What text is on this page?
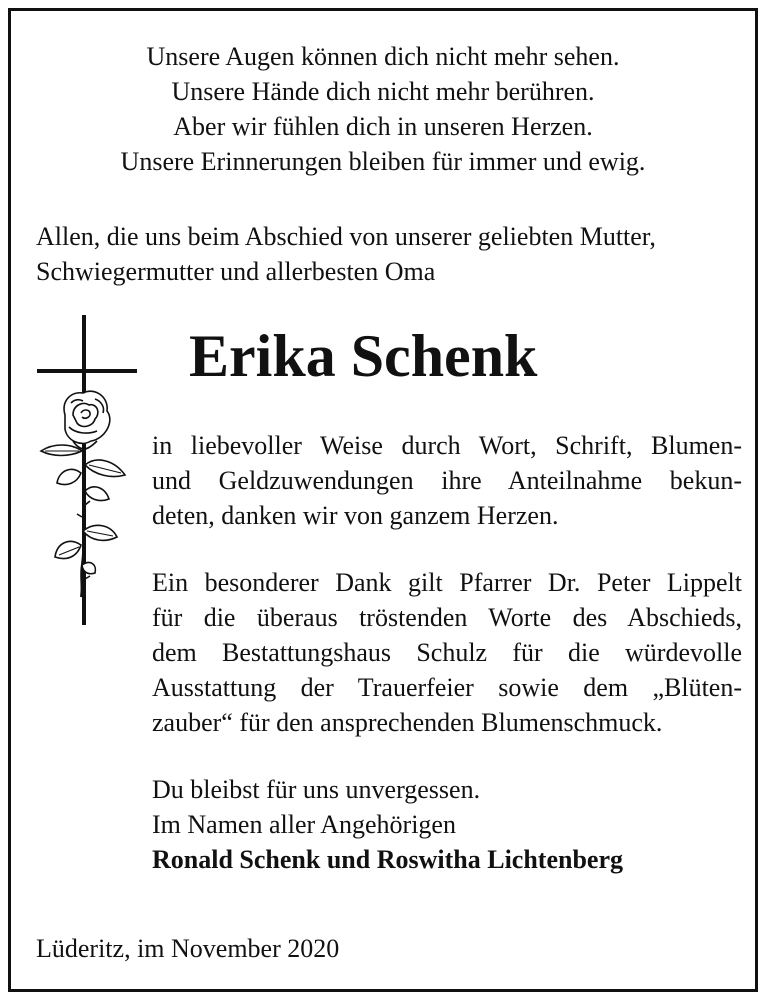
Unsere Augen können dich nicht mehr sehen.
Unsere Hände dich nicht mehr berühren.
Aber wir fühlen dich in unseren Herzen.
Unsere Erinnerungen bleiben für immer und ewig.
Allen, die uns beim Abschied von unserer geliebten Mutter,
Schwiegermutter und allerbesten Oma
Erika Schenk
in liebevoller Weise durch Wort, Schrift, Blumen-
und Geldzuwendungen ihre Anteilnahme bekun-
deten, danken wir von ganzem Herzen.
Ein besonderer Dank gilt Pfarrer Dr. Peter Lippelt
für die überaus tröstenden Worte des Abschieds,
dem Bestattungshaus Schulz für die würdevolle
Ausstattung der Trauerfeier sowie dem „Blüten-
zauber“ für den ansprechenden Blumenschmuck.
Du bleibst für uns unvergessen.
Im Namen aller Angehörigen
Ronald Schenk und Roswitha Lichtenberg
Lüderitz, im November 2020
